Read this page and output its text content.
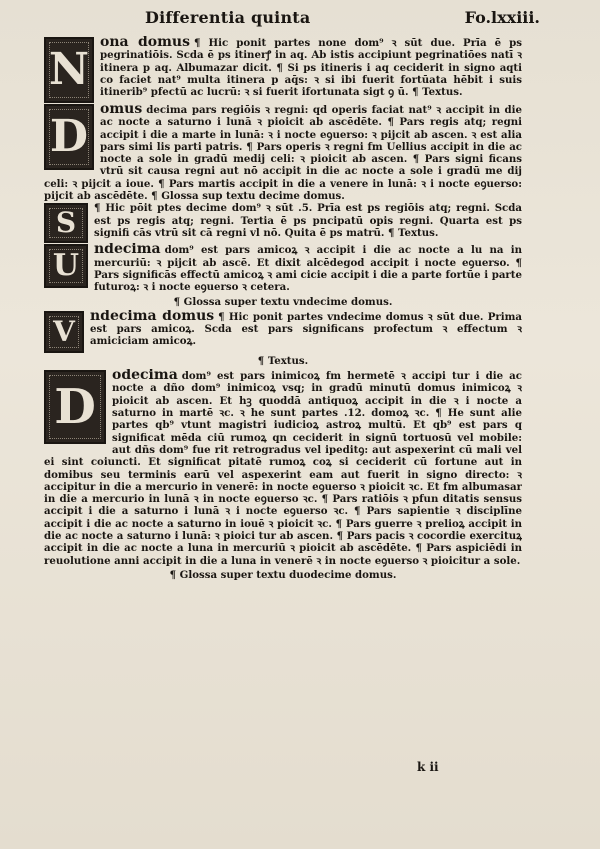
Differentia quinta	Fo.lxxiii.
N

ona domus ¶ Hic ponit partes none dom⁹ ꝛ sūt due. Prīa ē ps pegrinatiōis. Scda ē ps itinerꝭ in aq. Ab istis accipiunt pegrinatiōes natī ꝛ itinera p aq. Albumazar dicit. ¶ Si ps itineris i aq ceciderit in signo aqti co faciet nat⁹ multa itinera p aq̄s: ꝛ si ibi fuerit fortūata hēbit i suis itinerib⁹ pfectū ac lucrū: ꝛ si fuerit ifortunata sigt ꝯ ū. ¶ Textus.

D

omus decima pars regiōis ꝛ regni: qd operis faciat nat⁹ ꝛ accipit in die ac nocte a saturno i lunā ꝛ pioicit ab ascēdēte. ¶ Pars regis atq; regni accipit i die a marte in lunā: ꝛ i nocte eꝯuerso: ꝛ pijcit ab ascen. ꝛ est alia pars simi lis parti patris. ¶ Pars operis ꝛ regni fm Uellius accipit in die ac nocte a sole in gradū medij celi: ꝛ pioicit ab ascen. ¶ Pars signi ficans vtrū sit causa regni aut nō accipit in die ac nocte a sole i gradū me dij celi: ꝛ pijcit a ioue. ¶ Pars martis accipit in die a venere in lunā: ꝛ i nocte eꝯuerso: pijcit ab ascēdēte. ¶ Glossa sup textu decime domus.

S	¶ Hic pōit ptes decime dom⁹ ꝛ sūt .5. Prīa est ps regiōis atq; regni. Scda est ps regis atq; regni. Tertia ē ps pncipatū opis regni. Quarta est ps signifi cās vtrū sit cā regni vl nō. Quita ē ps matrū. ¶ Textus.

U	ndecima dom⁹ est pars amicoꝝ ꝛ accipit i die ac nocte a lu na in mercuriū: ꝛ pijcit ab ascē. Et dixit alcēdegod accipit i nocte eꝯuerso. ¶ Pars significās effectū amicoꝝ ꝛ ami cicie accipit i die a parte fortūe i parte futuroꝝ: ꝛ i nocte eꝯuerso ꝛ cetera.

¶ Glossa super textu vndecime domus.

V	ndecima domus ¶ Hic ponit partes vndecime domus ꝛ sūt due. Prima est pars amicoꝝ. Scda est pars significans profectum ꝛ effectum ꝛ amiciciam amicoꝝ.

¶ Textus.

D

odecima dom⁹ est pars inimicoꝝ fm hermetē ꝛ accipi tur i die ac nocte a dño dom⁹ inimicoꝝ vsq; in gradū minutū domus inimicoꝝ ꝛ pioicit ab ascen. Et hꝫ quoddā antiquoꝝ accipit in die ꝛ i nocte a saturno in martē ꝛc. ꝛ he sunt partes .12. domoꝝ ꝛc. ¶ He sunt alie partes qb⁹ vtunt magistri iudicioꝝ astroꝝ multū. Et qb⁹ est pars q significat mēda ciū rumoꝝ qn ceciderit in signū tortuosū vel mobile: aut dñs dom⁹ fue rit retrogradus vel ipeditꝯ: aut aspexerint cū mali vel ei sint coiuncti. Et significat pitatē rumoꝝ coꝝ si ceciderit cū fortune aut in domibus seu terminis earū vel aspexerint eam aut fuerit in signo directo: ꝛ accipitur in die a mercurio in venerē: in nocte eꝯuerso ꝛ pioicit ꝛc. Et fm albumasar in die a mercurio in lunā ꝛ in nocte eꝯuerso ꝛc. ¶ Pars ratiōis ꝛ pfun ditatis sensus accipit i die a saturno i lunā ꝛ i nocte eꝯuerso ꝛc. ¶ Pars sapientie ꝛ disciplīne accipit i die ac nocte a saturno in iouē ꝛ pioicit ꝛc. ¶ Pars guerre ꝛ prelioꝝ accipit in die ac nocte a saturno i lunā: ꝛ pioici tur ab ascen. ¶ Pars pacis ꝛ cocordie exercituꝝ accipit in die ac nocte a luna in mercuriū ꝛ pioicit ab ascēdēte. ¶ Pars aspiciēdi in reuolutione anni accipit in die a luna in venerē ꝛ in nocte eꝯuerso ꝛ pioicitur a sole.

¶ Glossa super textu duodecime domus.

k ii
